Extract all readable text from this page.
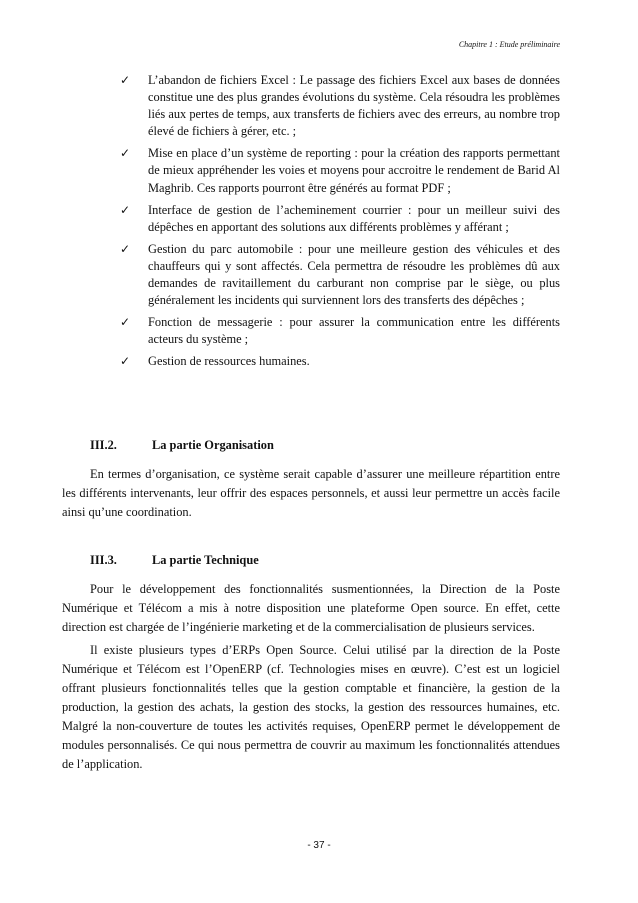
Chapitre 1 : Etude préliminaire
✓ L’abandon de fichiers Excel : Le passage des fichiers Excel aux bases de données constitue une des plus grandes évolutions du système. Cela résoudra les problèmes liés aux pertes de temps, aux transferts de fichiers avec des erreurs, au nombre trop élevé de fichiers à gérer, etc. ;
✓ Mise en place d’un système de reporting : pour la création des rapports permettant de mieux appréhender les voies et moyens pour accroitre le rendement de Barid Al Maghrib. Ces rapports pourront être générés au format PDF ;
✓ Interface de gestion de l’acheminement courrier : pour un meilleur suivi des dépêches en apportant des solutions aux différents problèmes y afférant ;
✓ Gestion du parc automobile : pour une meilleure gestion des véhicules et des chauffeurs qui y sont affectés. Cela permettra de résoudre les problèmes dû aux demandes de ravitaillement du carburant non comprise par le siège, ou plus généralement les incidents qui surviennent lors des transferts des dépêches ;
✓ Fonction de messagerie : pour assurer la communication entre les différents acteurs du système ;
✓ Gestion de ressources humaines.
III.2.	La partie Organisation

En termes d’organisation, ce système serait capable d’assurer une meilleure répartition entre les différents intervenants, leur offrir des espaces personnels, et aussi leur permettre un accès facile ainsi qu’une coordination.

III.3.	La partie Technique

Pour le développement des fonctionnalités susmentionnées, la Direction de la Poste Numérique et Télécom a mis à notre disposition une plateforme Open source. En effet, cette direction est chargée de l’ingénierie marketing et de la commercialisation de plusieurs services.

Il existe plusieurs types d’ERPs Open Source. Celui utilisé par la direction de la Poste Numérique et Télécom est l’OpenERP (cf. Technologies mises en œuvre). C’est est un logiciel offrant plusieurs fonctionnalités telles que la gestion comptable et financière, la gestion de la production, la gestion des achats, la gestion des stocks, la gestion des ressources humaines, etc. Malgré la non-couverture de toutes les activités requises, OpenERP permet le développement de modules personnalisés. Ce qui nous permettra de couvrir au maximum les fonctionnalités attendues de l’application.

- 37 -
